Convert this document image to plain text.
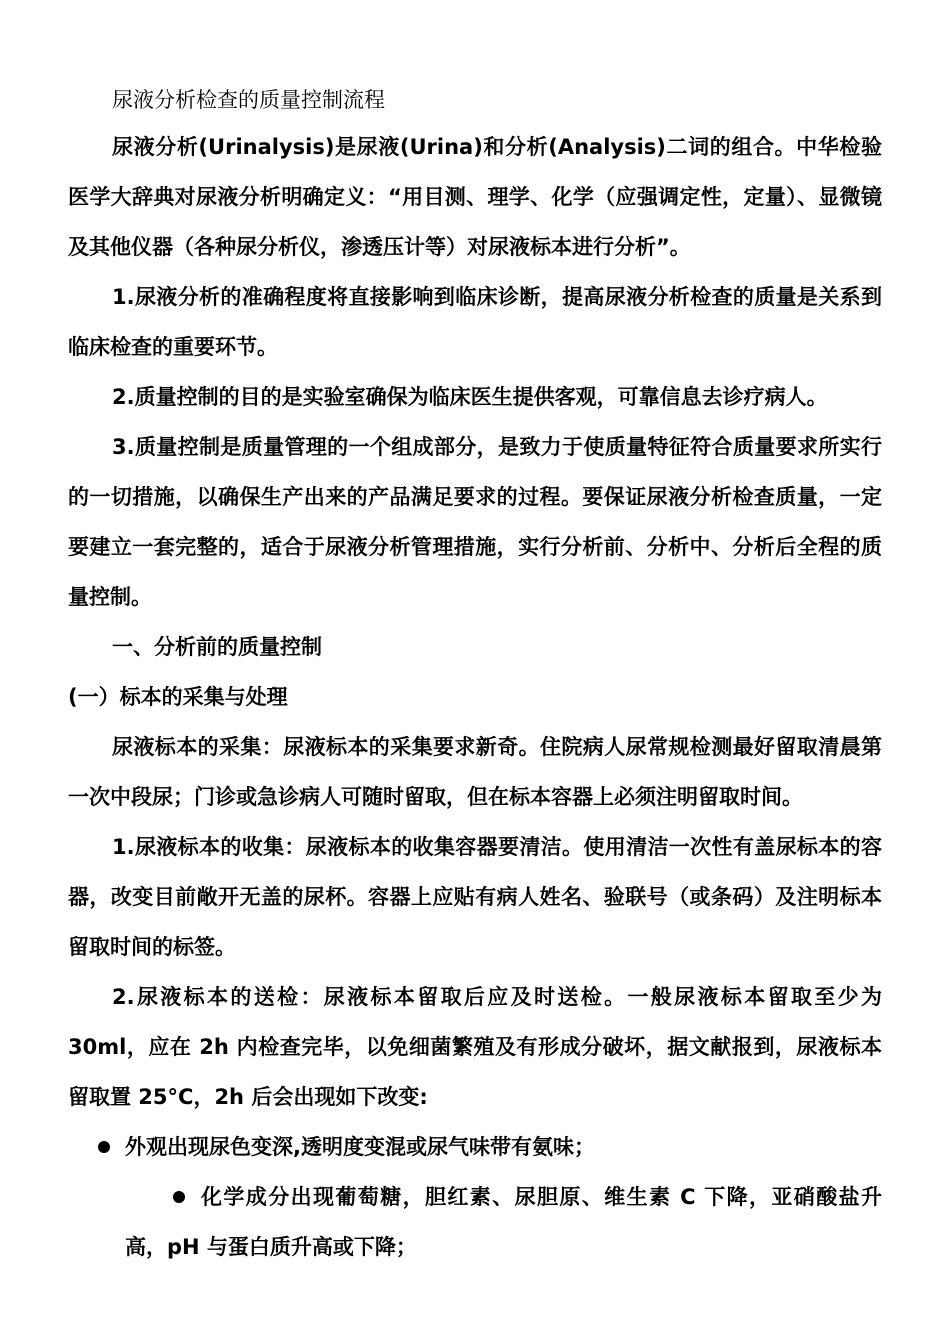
尿液分析检查的质量控制流程

尿液分析(Urinalysis)是尿液(Urina)和分析(Analysis)二词的组合。中华检验医学大辞典对尿液分析明确定义：“用目测、理学、化学（应强调定性，定量）、显微镜及其他仪器（各种尿分析仪，渗透压计等）对尿液标本进行分析”。

1.尿液分析的准确程度将直接影响到临床诊断，提高尿液分析检查的质量是关系到临床检查的重要环节。

2.质量控制的目的是实验室确保为临床医生提供客观，可靠信息去诊疗病人。

3.质量控制是质量管理的一个组成部分，是致力于使质量特征符合质量要求所实行的一切措施，以确保生产出来的产品满足要求的过程。要保证尿液分析检查质量，一定要建立一套完整的，适合于尿液分析管理措施，实行分析前、分析中、分析后全程的质量控制。

一、分析前的质量控制

(一）标本的采集与处理

尿液标本的采集：尿液标本的采集要求新奇。住院病人尿常规检测最好留取清晨第一次中段尿；门诊或急诊病人可随时留取，但在标本容器上必须注明留取时间。

1.尿液标本的收集：尿液标本的收集容器要清洁。使用清洁一次性有盖尿标本的容器，改变目前敞开无盖的尿杯。容器上应贴有病人姓名、验联号（或条码）及注明标本留取时间的标签。

2.尿液标本的送检：尿液标本留取后应及时送检。一般尿液标本留取至少为30ml，应在 2h 内检查完毕，以免细菌繁殖及有形成分破坏，据文献报到，尿液标本留取置 25°C，2h 后会出现如下改变:

外观出现尿色变深,透明度变混或尿气味带有氨味；
化学成分出现葡萄糖，胆红素、尿胆原、维生素 C 下降，亚硝酸盐升高，pH 与蛋白质升高或下降；
